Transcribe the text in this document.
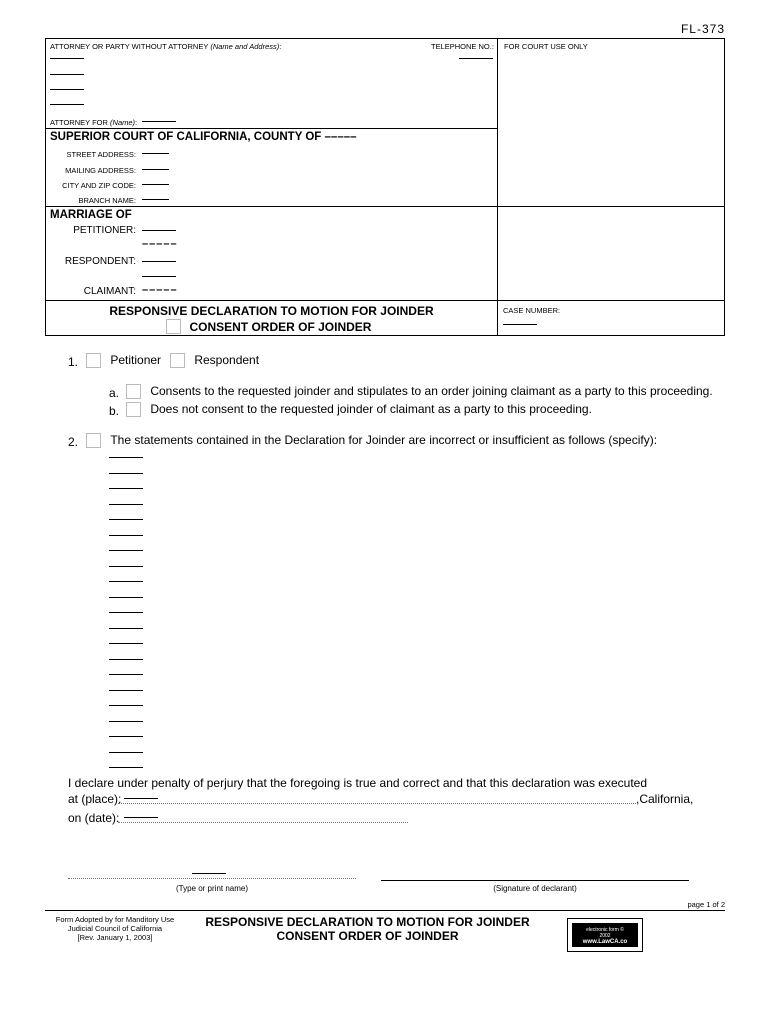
FL-373
ATTORNEY OR PARTY WITHOUT ATTORNEY (Name and Address):	TELEPHONE NO.: FOR COURT USE ONLY
ATTORNEY FOR (Name):
SUPERIOR COURT OF CALIFORNIA, COUNTY OF –––––
STREET ADDRESS:
MAILING ADDRESS:
CITY AND ZIP CODE:
BRANCH NAME:
MARRIAGE OF
PETITIONER:
–––––
RESPONDENT:
CLAIMANT: –––––
RESPONSIVE DECLARATION TO MOTION FOR JOINDER
CONSENT ORDER OF JOINDER
CASE NUMBER:
1.	Petitioner	Respondent
a.	Consents to the requested joinder and stipulates to an order joining claimant as a party to this proceeding.
b.	Does not consent to the requested joinder of claimant as a party to this proceeding.
2.	The statements contained in the Declaration for Joinder are incorrect or insufficient as follows (specify):
I declare under penalty of perjury that the foregoing is true and correct and that this declaration was executed
at (place):	,California,
on (date):
(Type or print name)	(Signature of declarant)
page 1 of 2
Form Adopted by for Manditory Use
Judicial Council of California
[Rev. January 1, 2003]
RESPONSIVE DECLARATION TO MOTION FOR JOINDER
CONSENT ORDER OF JOINDER	electronic form ©
2002
www.LawCA.co
